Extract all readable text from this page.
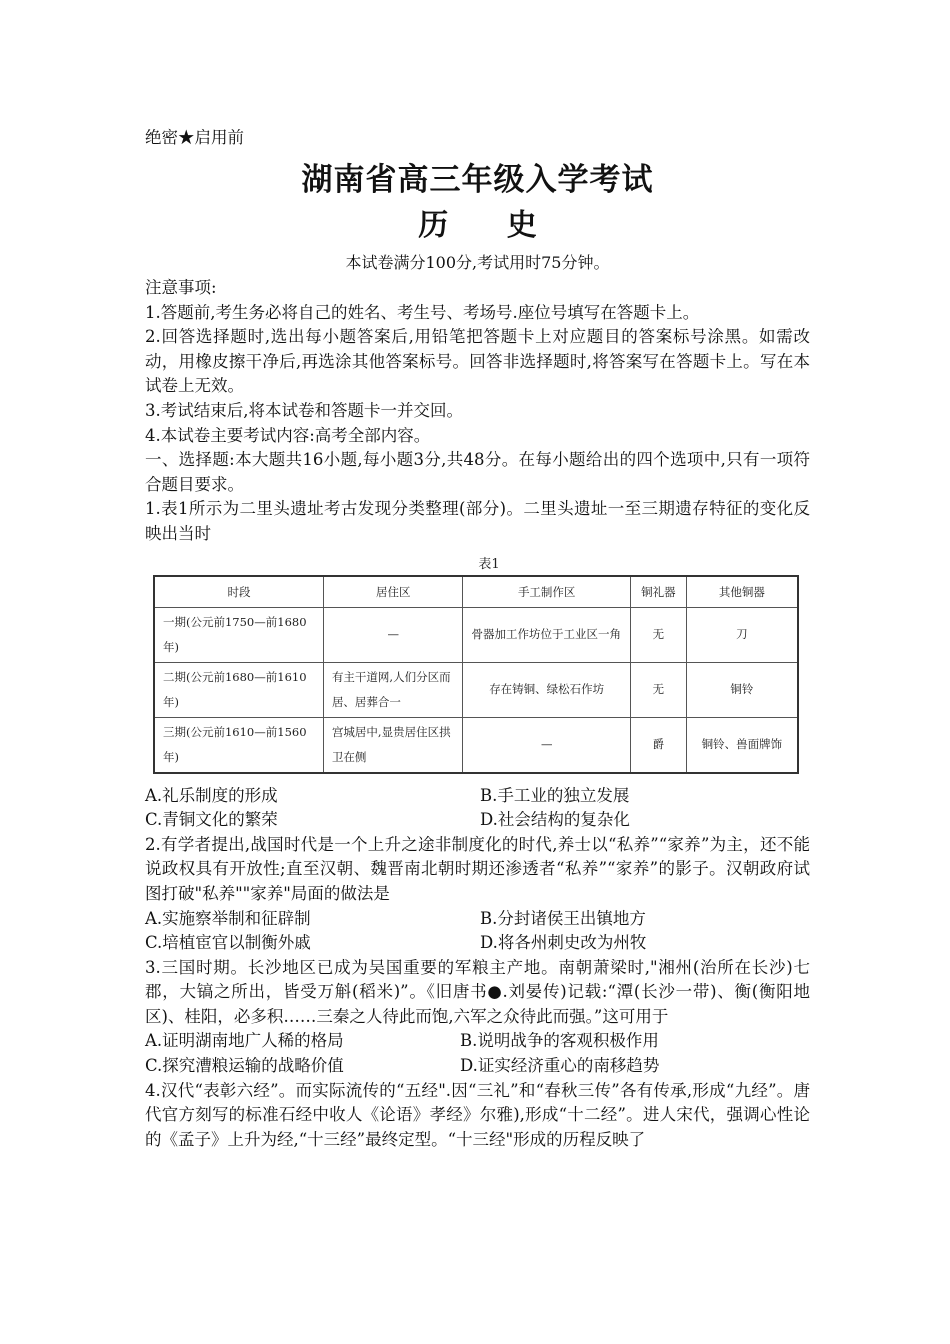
绝密★启用前
湖南省高三年级入学考试
历 史
本试卷满分100分,考试用时75分钟。
注意事项:
1.答题前,考生务必将自己的姓名、考生号、考场号.座位号填写在答题卡上。
2.回答选择题时,选出每小题答案后,用铅笔把答题卡上对应题目的答案标号涂黑。如需改动，用橡皮擦干净后,再选涂其他答案标号。回答非选择题时,将答案写在答题卡上。写在本试卷上无效。
3.考试结束后,将本试卷和答题卡一并交回。
4.本试卷主要考试内容:高考全部内容。
一、选择题:本大题共16小题,每小题3分,共48分。在每小题给出的四个选项中,只有一项符合题目要求。
1.表1所示为二里头遗址考古发现分类整理(部分)。二里头遗址一至三期遗存特征的变化反映出当时
表1
时段	居住区	手工制作区	铜礼器	其他铜器
一期(公元前1750—前1680年)	—	骨器加工作坊位于工业区一角	无	刀
二期(公元前1680—前1610年)	有主干道网,人们分区而居、居葬合一	存在铸铜、绿松石作坊	无	铜铃
三期(公元前1610—前1560年)	宫城居中,显贵居住区拱卫在侧	—	爵	铜铃、兽面牌饰
A.礼乐制度的形成	B.手工业的独立发展
C.青铜文化的繁荣	D.社会结构的复杂化
2.有学者提出,战国时代是一个上升之途非制度化的时代,养士以“私养”“家养”为主，还不能说政权具有开放性;直至汉朝、魏晋南北朝时期还渗透者“私养”“家养”的影子。汉朝政府试图打破"私养""家养"局面的做法是
A.实施察举制和征辟制	B.分封诸侯王出镇地方
C.培植宦官以制衡外戚	D.将各州刺史改为州牧
3.三国时期。长沙地区已成为吴国重要的军粮主产地。南朝萧梁时,"湘州(治所在长沙)七郡，大镐之所出，皆受万斛(稻米)”。《旧唐书●.刘晏传)记载:“潭(长沙一带)、衡(衡阳地区)、桂阳，必多积……三秦之人待此而饱,六军之众待此而强。”这可用于
A.证明湖南地广人稀的格局	B.说明战争的客观积极作用
C.探究漕粮运输的战略价值	D.证实经济重心的南移趋势
4.汉代“表彰六经”。而实际流传的“五经".因“三礼”和“春秋三传”各有传承,形成“九经”。唐代官方刻写的标准石经中收人《论语》孝经》尔雅),形成“十二经”。进人宋代，强调心性论的《孟子》上升为经,“十三经”最终定型。“十三经"形成的历程反映了
